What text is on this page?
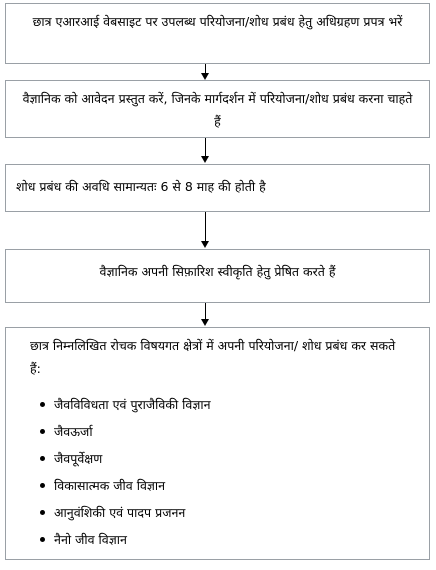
छात्र एआरआई वेबसाइट पर उपलब्ध परियोजना/शोध प्रबंध हेतु अधिग्रहण प्रपत्र भरें
वैज्ञानिक को आवेदन प्रस्तुत करें, जिनके मार्गदर्शन में परियोजना/शोध प्रबंध करना चाहते हैं
शोध प्रबंध की अवधि सामान्यतः 6 से 8 माह की होती है
वैज्ञानिक अपनी सिफ़ारिश स्वीकृति हेतु प्रेषित करते हैं

छात्र निम्नलिखित रोचक विषयगत क्षेत्रों में अपनी परियोजना/ शोध प्रबंध कर सकते हैं:

जैवविविधता एवं पुराजैविकी विज्ञान
जैवऊर्जा
जैवपूर्वेक्षण
विकासात्मक जीव विज्ञान
आनुवंशिकी एवं पादप प्रजनन
नैनो जीव विज्ञान
